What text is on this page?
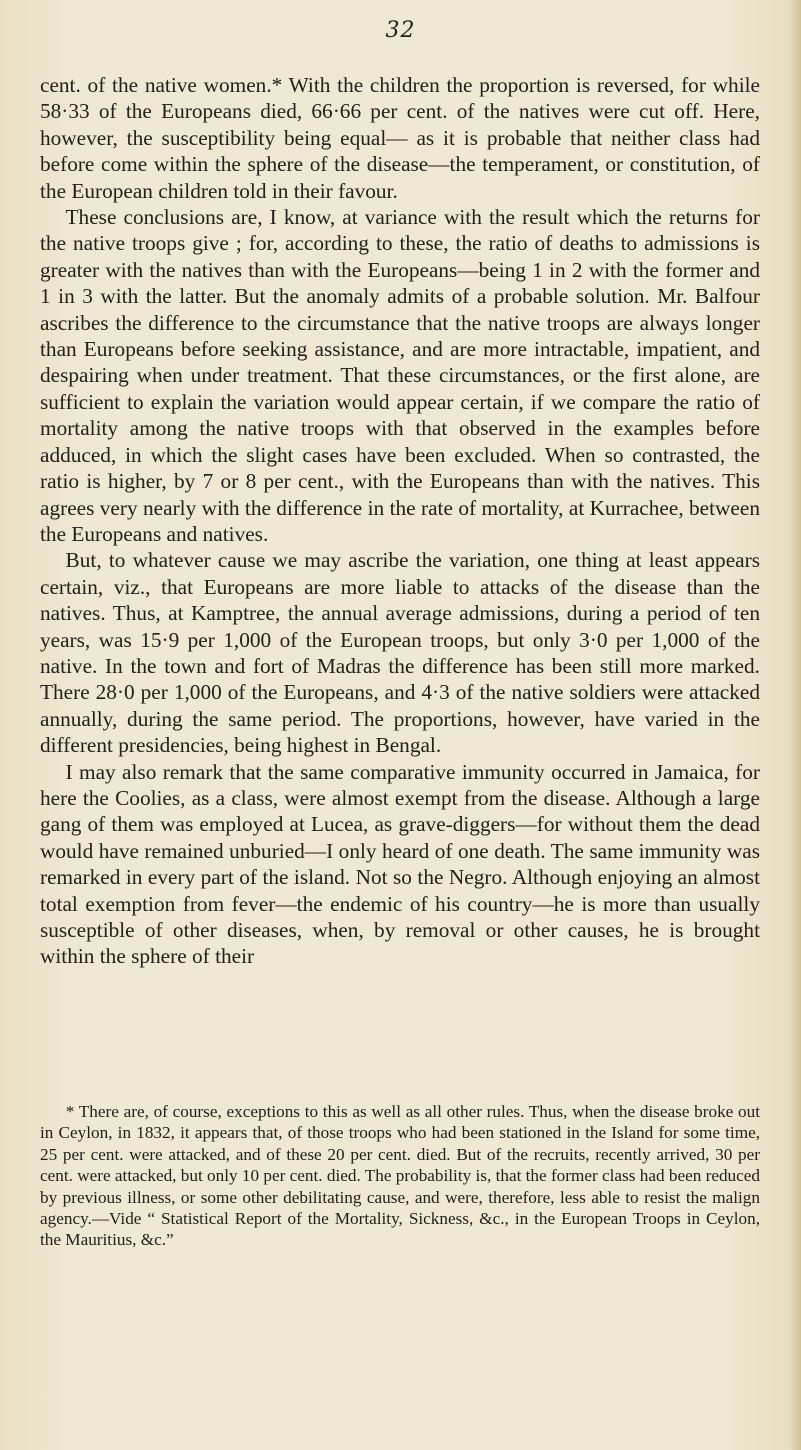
32

cent. of the native women.* With the children the proportion is reversed, for while 58·33 of the Europeans died, 66·66 per cent. of the natives were cut off. Here, however, the susceptibility being equal— as it is probable that neither class had before come within the sphere of the disease—the temperament, or constitution, of the European children told in their favour.

These conclusions are, I know, at variance with the result which the returns for the native troops give ; for, according to these, the ratio of deaths to admissions is greater with the natives than with the Europeans—being 1 in 2 with the former and 1 in 3 with the latter. But the anomaly admits of a probable solution. Mr. Balfour ascribes the difference to the circumstance that the native troops are always longer than Europeans before seeking assistance, and are more intractable, impatient, and despairing when under treatment. That these circumstances, or the first alone, are sufficient to explain the variation would appear certain, if we compare the ratio of mortality among the native troops with that observed in the examples before adduced, in which the slight cases have been excluded. When so contrasted, the ratio is higher, by 7 or 8 per cent., with the Europeans than with the natives. This agrees very nearly with the difference in the rate of mortality, at Kurrachee, between the Europeans and natives.

But, to whatever cause we may ascribe the variation, one thing at least appears certain, viz., that Europeans are more liable to attacks of the disease than the natives. Thus, at Kamptree, the annual average admissions, during a period of ten years, was 15·9 per 1,000 of the European troops, but only 3·0 per 1,000 of the native. In the town and fort of Madras the difference has been still more marked. There 28·0 per 1,000 of the Europeans, and 4·3 of the native soldiers were attacked annually, during the same period. The proportions, however, have varied in the different presidencies, being highest in Bengal.

I may also remark that the same comparative immunity occurred in Jamaica, for here the Coolies, as a class, were almost exempt from the disease. Although a large gang of them was employed at Lucea, as grave-diggers—for without them the dead would have remained unburied—I only heard of one death. The same immunity was remarked in every part of the island. Not so the Negro. Although enjoying an almost total exemption from fever—the endemic of his country—he is more than usually susceptible of other diseases, when, by removal or other causes, he is brought within the sphere of their

* There are, of course, exceptions to this as well as all other rules. Thus, when the disease broke out in Ceylon, in 1832, it appears that, of those troops who had been stationed in the Island for some time, 25 per cent. were attacked, and of these 20 per cent. died. But of the recruits, recently arrived, 30 per cent. were attacked, but only 10 per cent. died. The probability is, that the former class had been reduced by previous illness, or some other debilitating cause, and were, therefore, less able to resist the malign agency.—Vide “ Statistical Report of the Mortality, Sickness, &c., in the European Troops in Ceylon, the Mauritius, &c.”
